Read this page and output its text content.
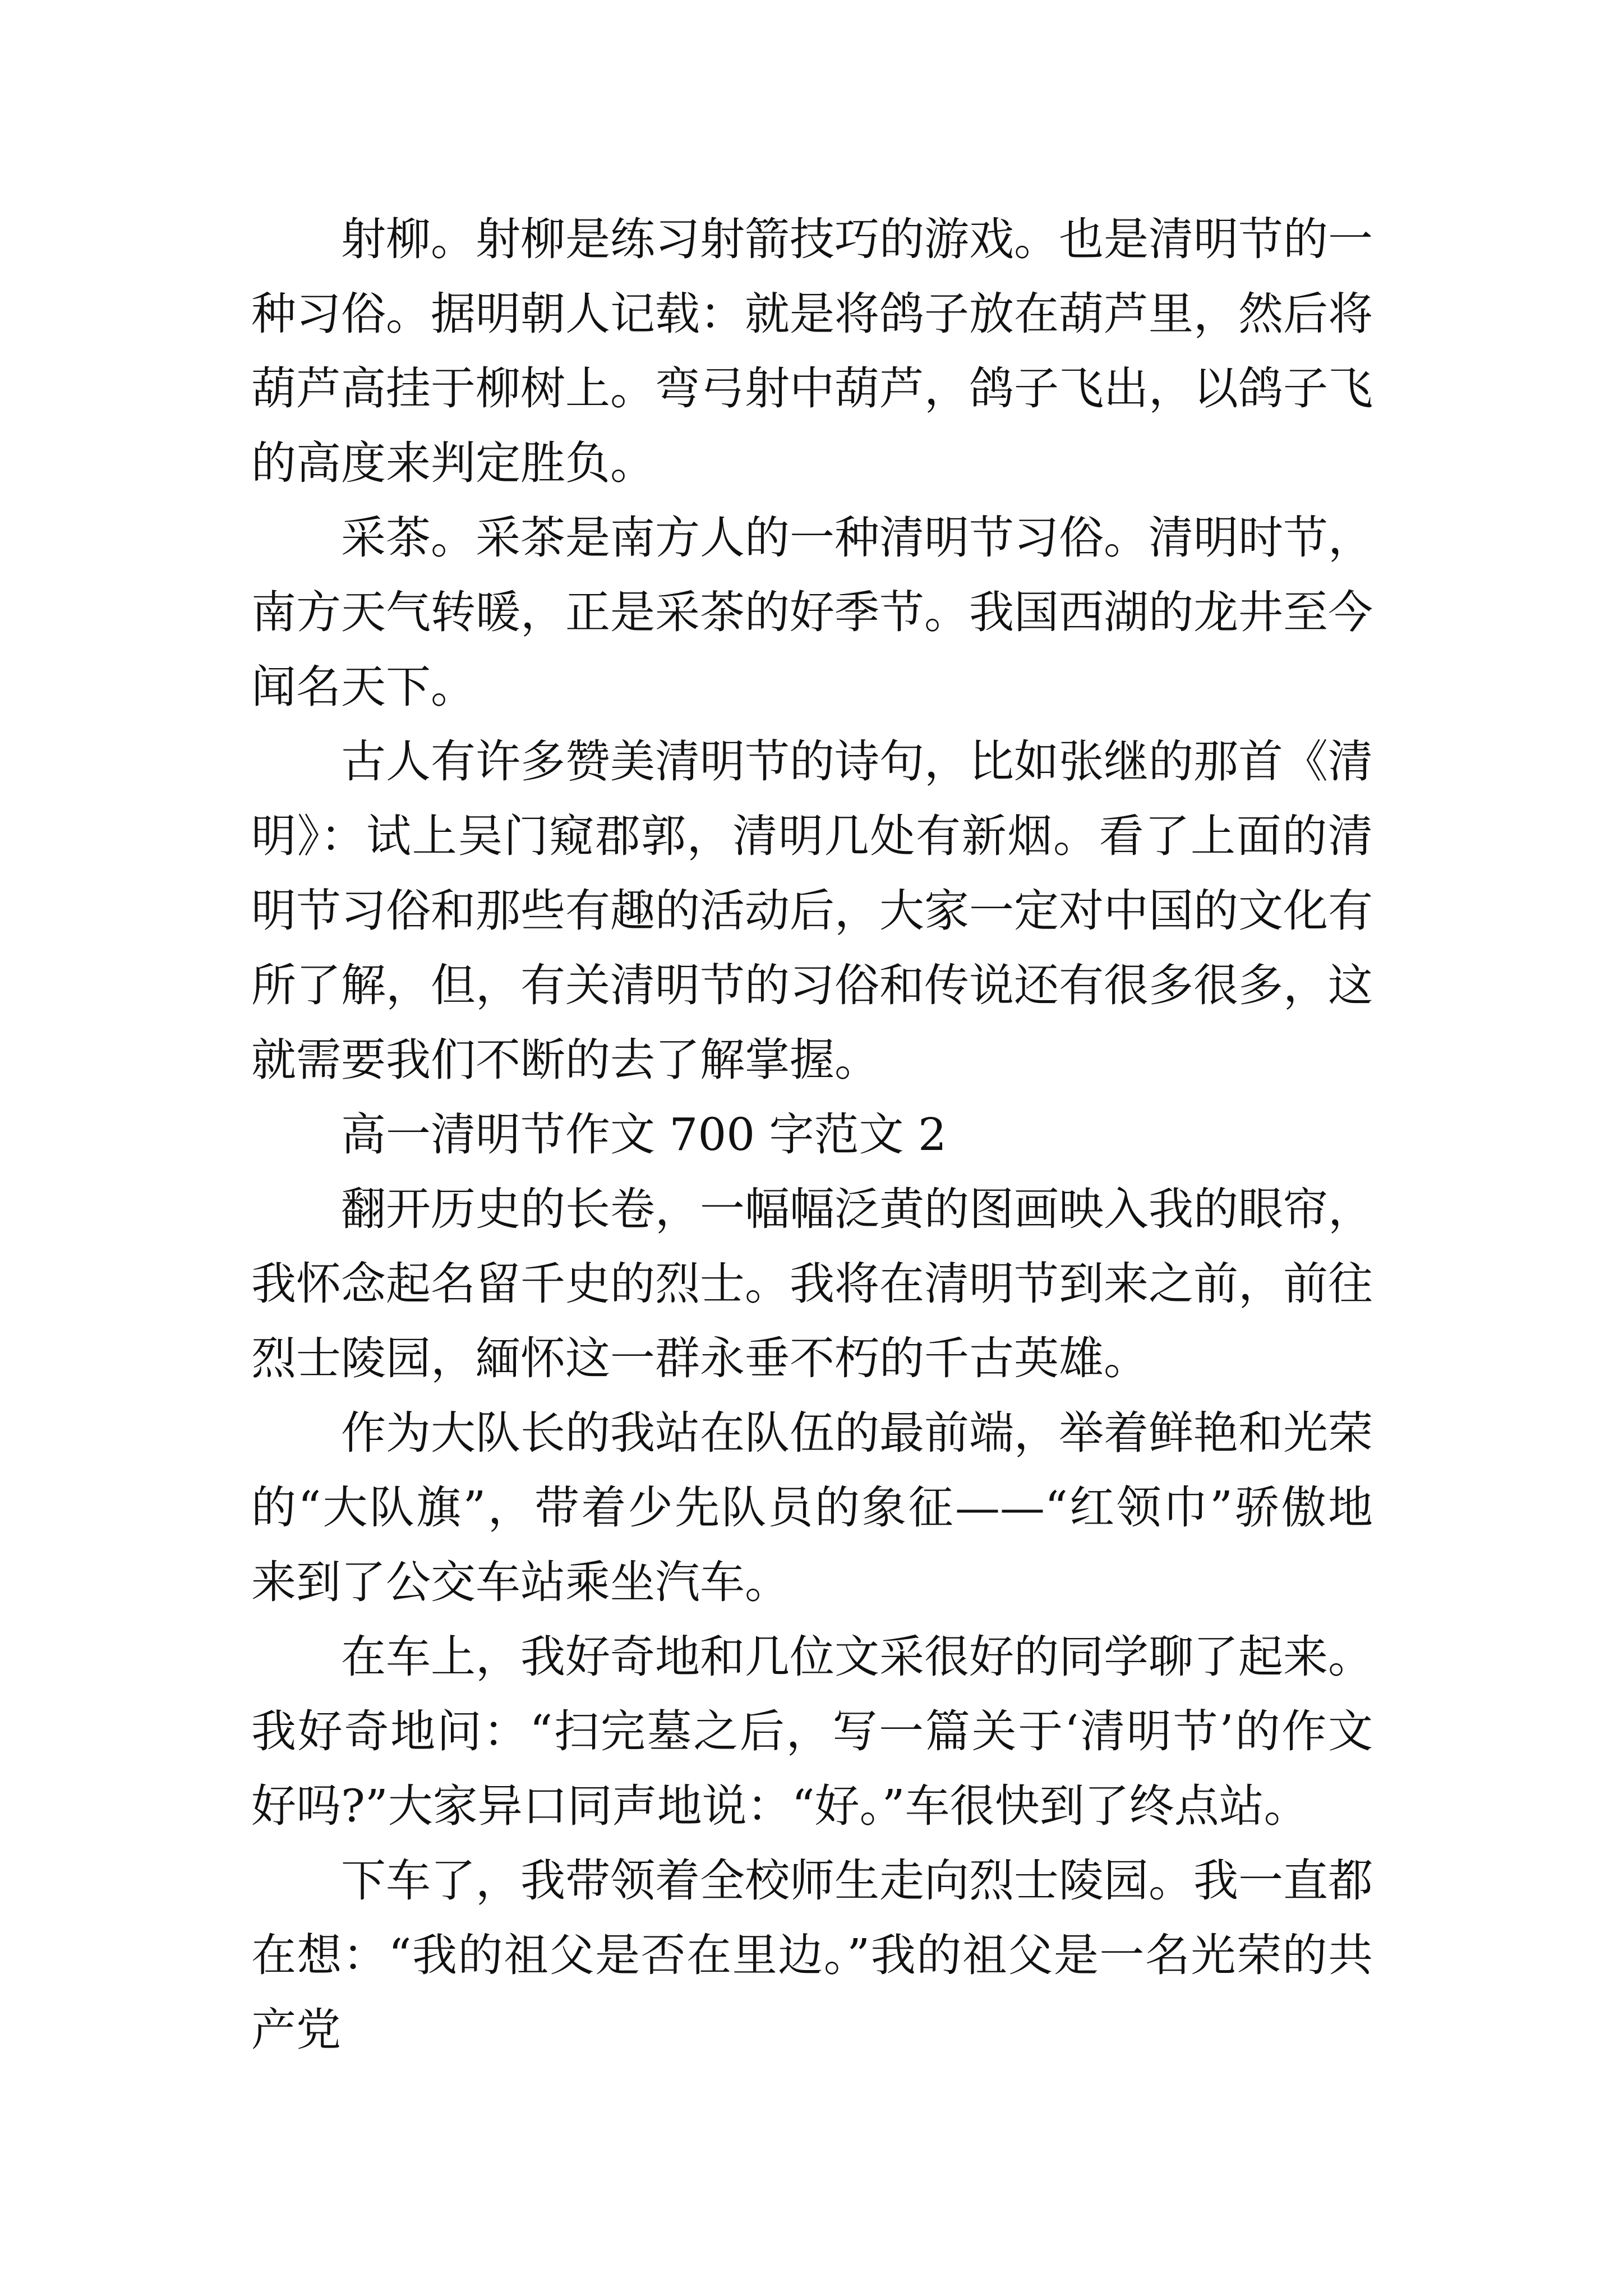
射柳。射柳是练习射箭技巧的游戏。也是清明节的一种习俗。据明朝人记载：就是将鸽子放在葫芦里，然后将葫芦高挂于柳树上。弯弓射中葫芦，鸽子飞出，以鸽子飞的高度来判定胜负。

采茶。采茶是南方人的一种清明节习俗。清明时节，南方天气转暖，正是采茶的好季节。我国西湖的龙井至今闻名天下。

古人有许多赞美清明节的诗句，比如张继的那首《清明》：试上吴门窥郡郭，清明几处有新烟。看了上面的清明节习俗和那些有趣的活动后，大家一定对中国的文化有所了解，但，有关清明节的习俗和传说还有很多很多，这就需要我们不断的去了解掌握。

高一清明节作文 700 字范文 2

翻开历史的长卷，一幅幅泛黄的图画映入我的眼帘，我怀念起名留千史的烈士。我将在清明节到来之前，前往烈士陵园，緬怀这一群永垂不朽的千古英雄。

作为大队长的我站在队伍的最前端，举着鲜艳和光荣的“大队旗”，带着少先队员的象征——“红领巾”骄傲地来到了公交车站乘坐汽车。

在车上，我好奇地和几位文采很好的同学聊了起来。我好奇地问：“扫完墓之后，写一篇关于‘清明节’的作文好吗?”大家异口同声地说：“好。”车很快到了终点站。

下车了，我带领着全校师生走向烈士陵园。我一直都在想：“我的祖父是否在里边。”我的祖父是一名光荣的共产党
